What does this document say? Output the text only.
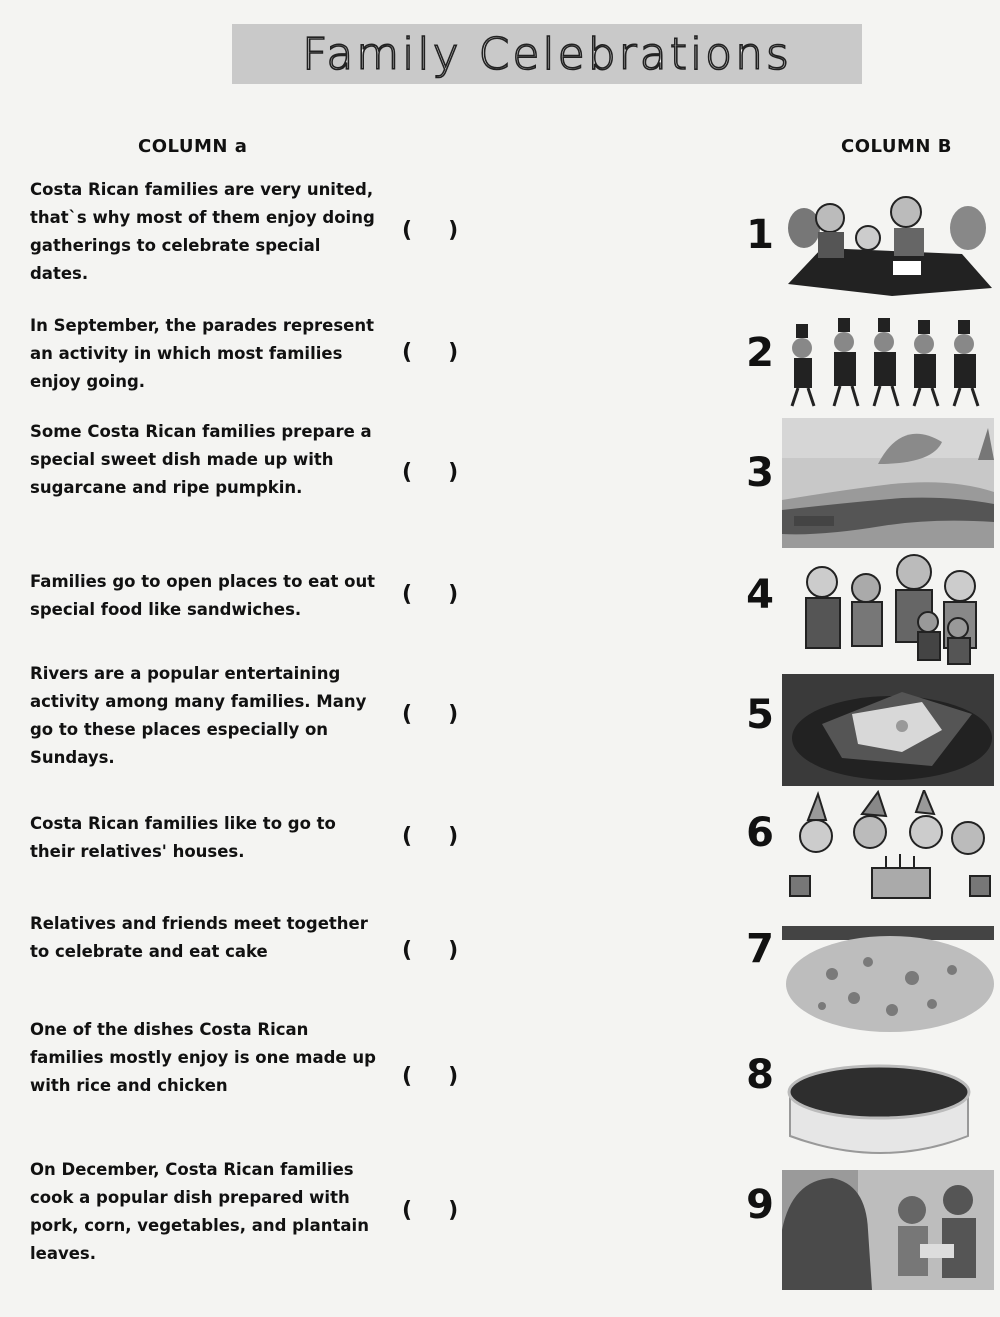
Family Celebrations
COLUMN a	COLUMN B
Costa Rican families are very united, that`s why most of them enjoy doing gatherings to celebrate special dates.
In September, the parades represent an activity in which most families enjoy going.
Some Costa Rican families prepare a special sweet dish made up with sugarcane and ripe pumpkin.
Families go to open places to eat out special food like sandwiches.
Rivers are a popular entertaining activity among many families. Many go to these places especially on Sundays.
Costa Rican families like to go to their relatives' houses.
Relatives and friends meet together to celebrate and eat cake
One of the dishes Costa Rican families mostly enjoy is one made up with rice and chicken
On December, Costa Rican families cook a popular dish prepared with pork, corn, vegetables, and plantain leaves.
( )
( )
( )
( )
( )
( )
( )
( )
( )
1
2
3
4
5
6
7
8
9
